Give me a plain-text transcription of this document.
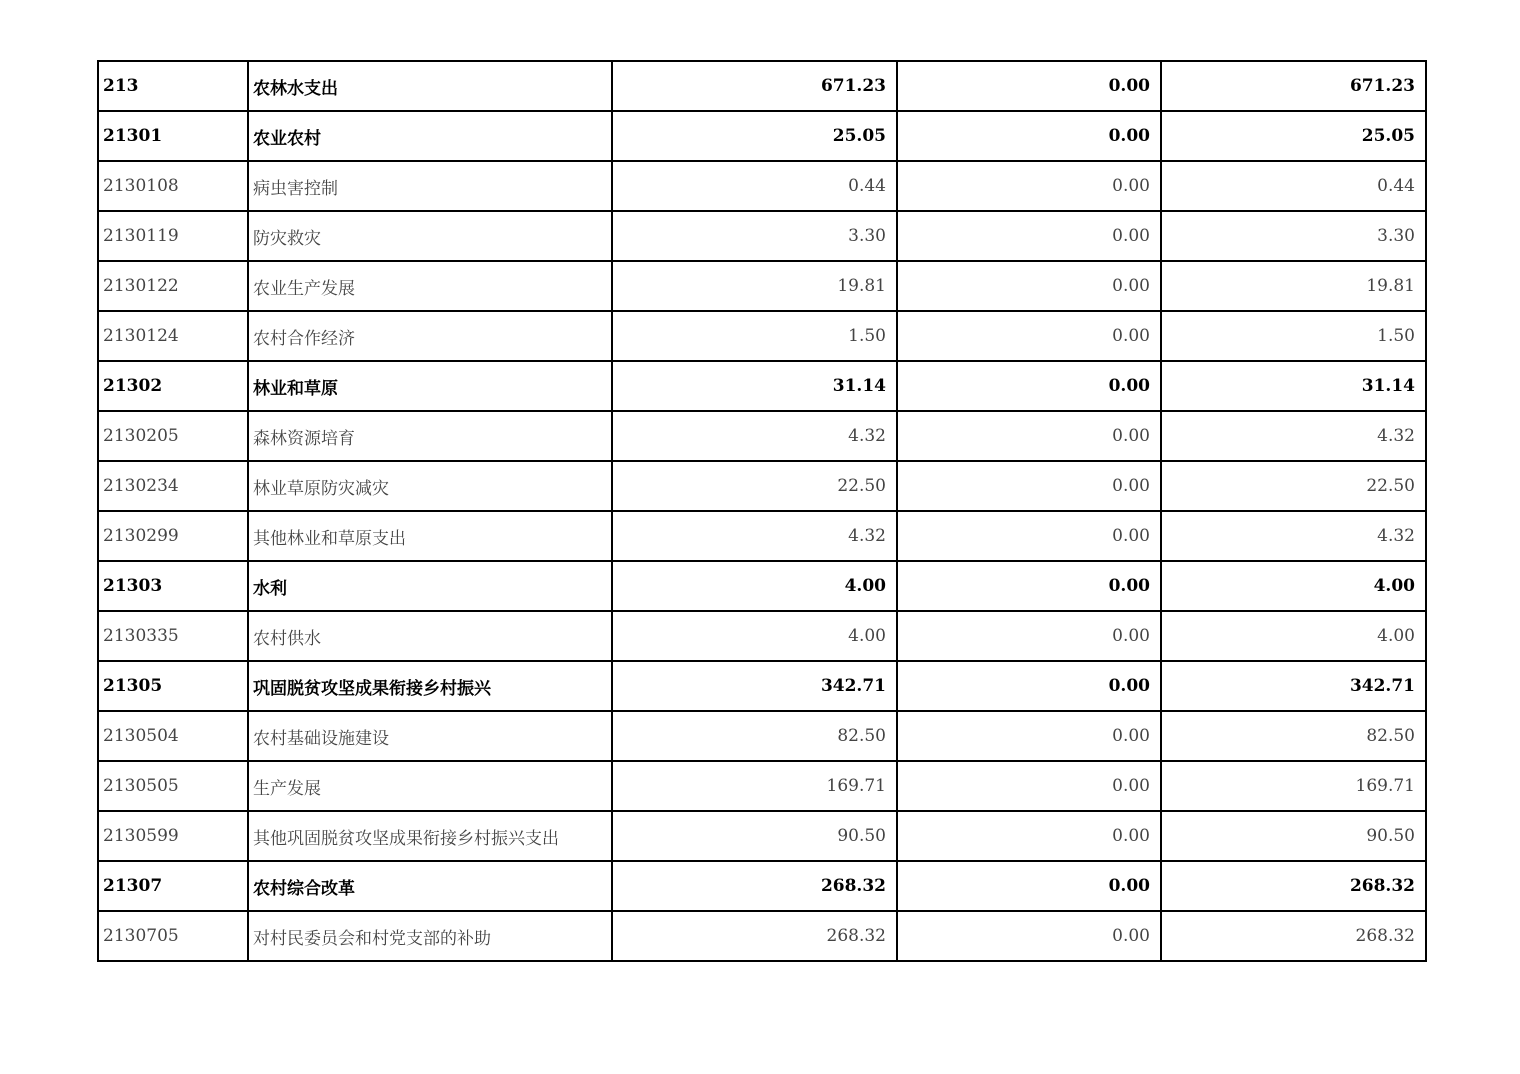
213	农林水支出	671.23	0.00	671.23
21301	农业农村	25.05	0.00	25.05
2130108	病虫害控制	0.44	0.00	0.44
2130119	防灾救灾	3.30	0.00	3.30
2130122	农业生产发展	19.81	0.00	19.81
2130124	农村合作经济	1.50	0.00	1.50
21302	林业和草原	31.14	0.00	31.14
2130205	森林资源培育	4.32	0.00	4.32
2130234	林业草原防灾减灾	22.50	0.00	22.50
2130299	其他林业和草原支出	4.32	0.00	4.32
21303	水利	4.00	0.00	4.00
2130335	农村供水	4.00	0.00	4.00
21305	巩固脱贫攻坚成果衔接乡村振兴	342.71	0.00	342.71
2130504	农村基础设施建设	82.50	0.00	82.50
2130505	生产发展	169.71	0.00	169.71
2130599	其他巩固脱贫攻坚成果衔接乡村振兴支出	90.50	0.00	90.50
21307	农村综合改革	268.32	0.00	268.32
2130705	对村民委员会和村党支部的补助	268.32	0.00	268.32
